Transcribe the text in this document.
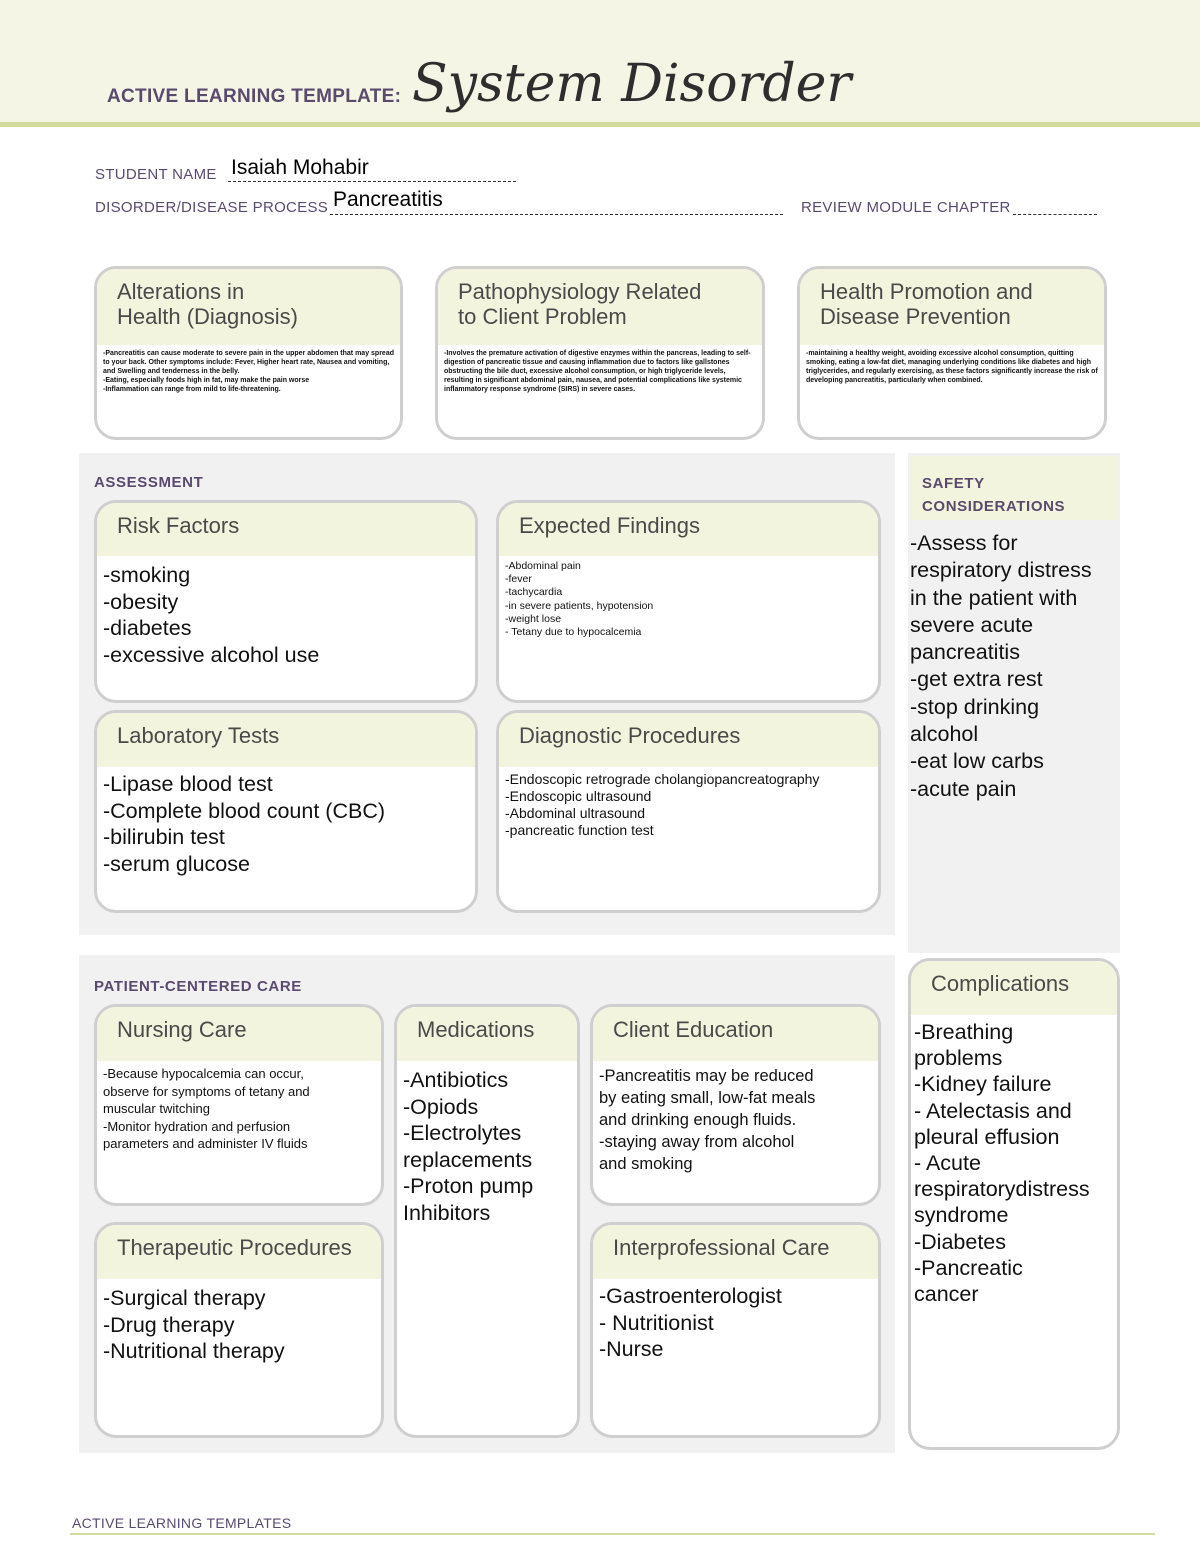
ACTIVE LEARNING TEMPLATE: System Disorder
STUDENT NAME Isaiah Mohabir
DISORDER/DISEASE PROCESS Pancreatitis	REVIEW MODULE CHAPTER
Alterations in
Health (Diagnosis)
-Pancreatitis can cause moderate to severe pain in the upper abdomen that may spread to your back. Other symptoms include: Fever, Higher heart rate, Nausea and vomiting, and Swelling and tenderness in the belly.
-Eating, especially foods high in fat, may make the pain worse
-Inflammation can range from mild to life-threatening.
Pathophysiology Related
to Client Problem
-Involves the premature activation of digestive enzymes within the pancreas, leading to self-digestion of pancreatic tissue and causing inflammation due to factors like gallstones obstructing the bile duct, excessive alcohol consumption, or high triglyceride levels, resulting in significant abdominal pain, nausea, and potential complications like systemic inflammatory response syndrome (SIRS) in severe cases.
Health Promotion and
Disease Prevention
-maintaining a healthy weight, avoiding excessive alcohol consumption, quitting smoking, eating a low-fat diet, managing underlying conditions like diabetes and high triglycerides, and regularly exercising, as these factors significantly increase the risk of developing pancreatitis, particularly when combined.
ASSESSMENT
Risk Factors
-smoking
-obesity
-diabetes
-excessive alcohol use
Expected Findings
-Abdominal pain
-fever
-tachycardia
-in severe patients, hypotension
-weight lose
- Tetany due to hypocalcemia
Laboratory Tests
-Lipase blood test
-Complete blood count (CBC)
-bilirubin test
-serum glucose
Diagnostic Procedures
-Endoscopic retrograde cholangiopancreatography
-Endoscopic ultrasound
-Abdominal ultrasound
-pancreatic function test
SAFETY
CONSIDERATIONS
-Assess for
respiratory distress
in the patient with
severe acute
pancreatitis
-get extra rest
-stop drinking
alcohol
-eat low carbs
-acute pain
PATIENT-CENTERED CARE
Nursing Care
-Because hypocalcemia can occur,
observe for symptoms of tetany and
muscular twitching
-Monitor hydration and perfusion
parameters and administer IV fluids
Medications
-Antibiotics
-Opiods
-Electrolytes
replacements
-Proton pump
Inhibitors
Client Education
-Pancreatitis may be reduced
by eating small, low-fat meals
and drinking enough fluids.
-staying away from alcohol
and smoking
Therapeutic Procedures
-Surgical therapy
-Drug therapy
-Nutritional therapy
Interprofessional Care
-Gastroenterologist
- Nutritionist
-Nurse
Complications
-Breathing
problems
-Kidney failure
- Atelectasis and
pleural effusion
- Acute
respiratorydistress
syndrome
-Diabetes
-Pancreatic
cancer
ACTIVE LEARNING TEMPLATES
